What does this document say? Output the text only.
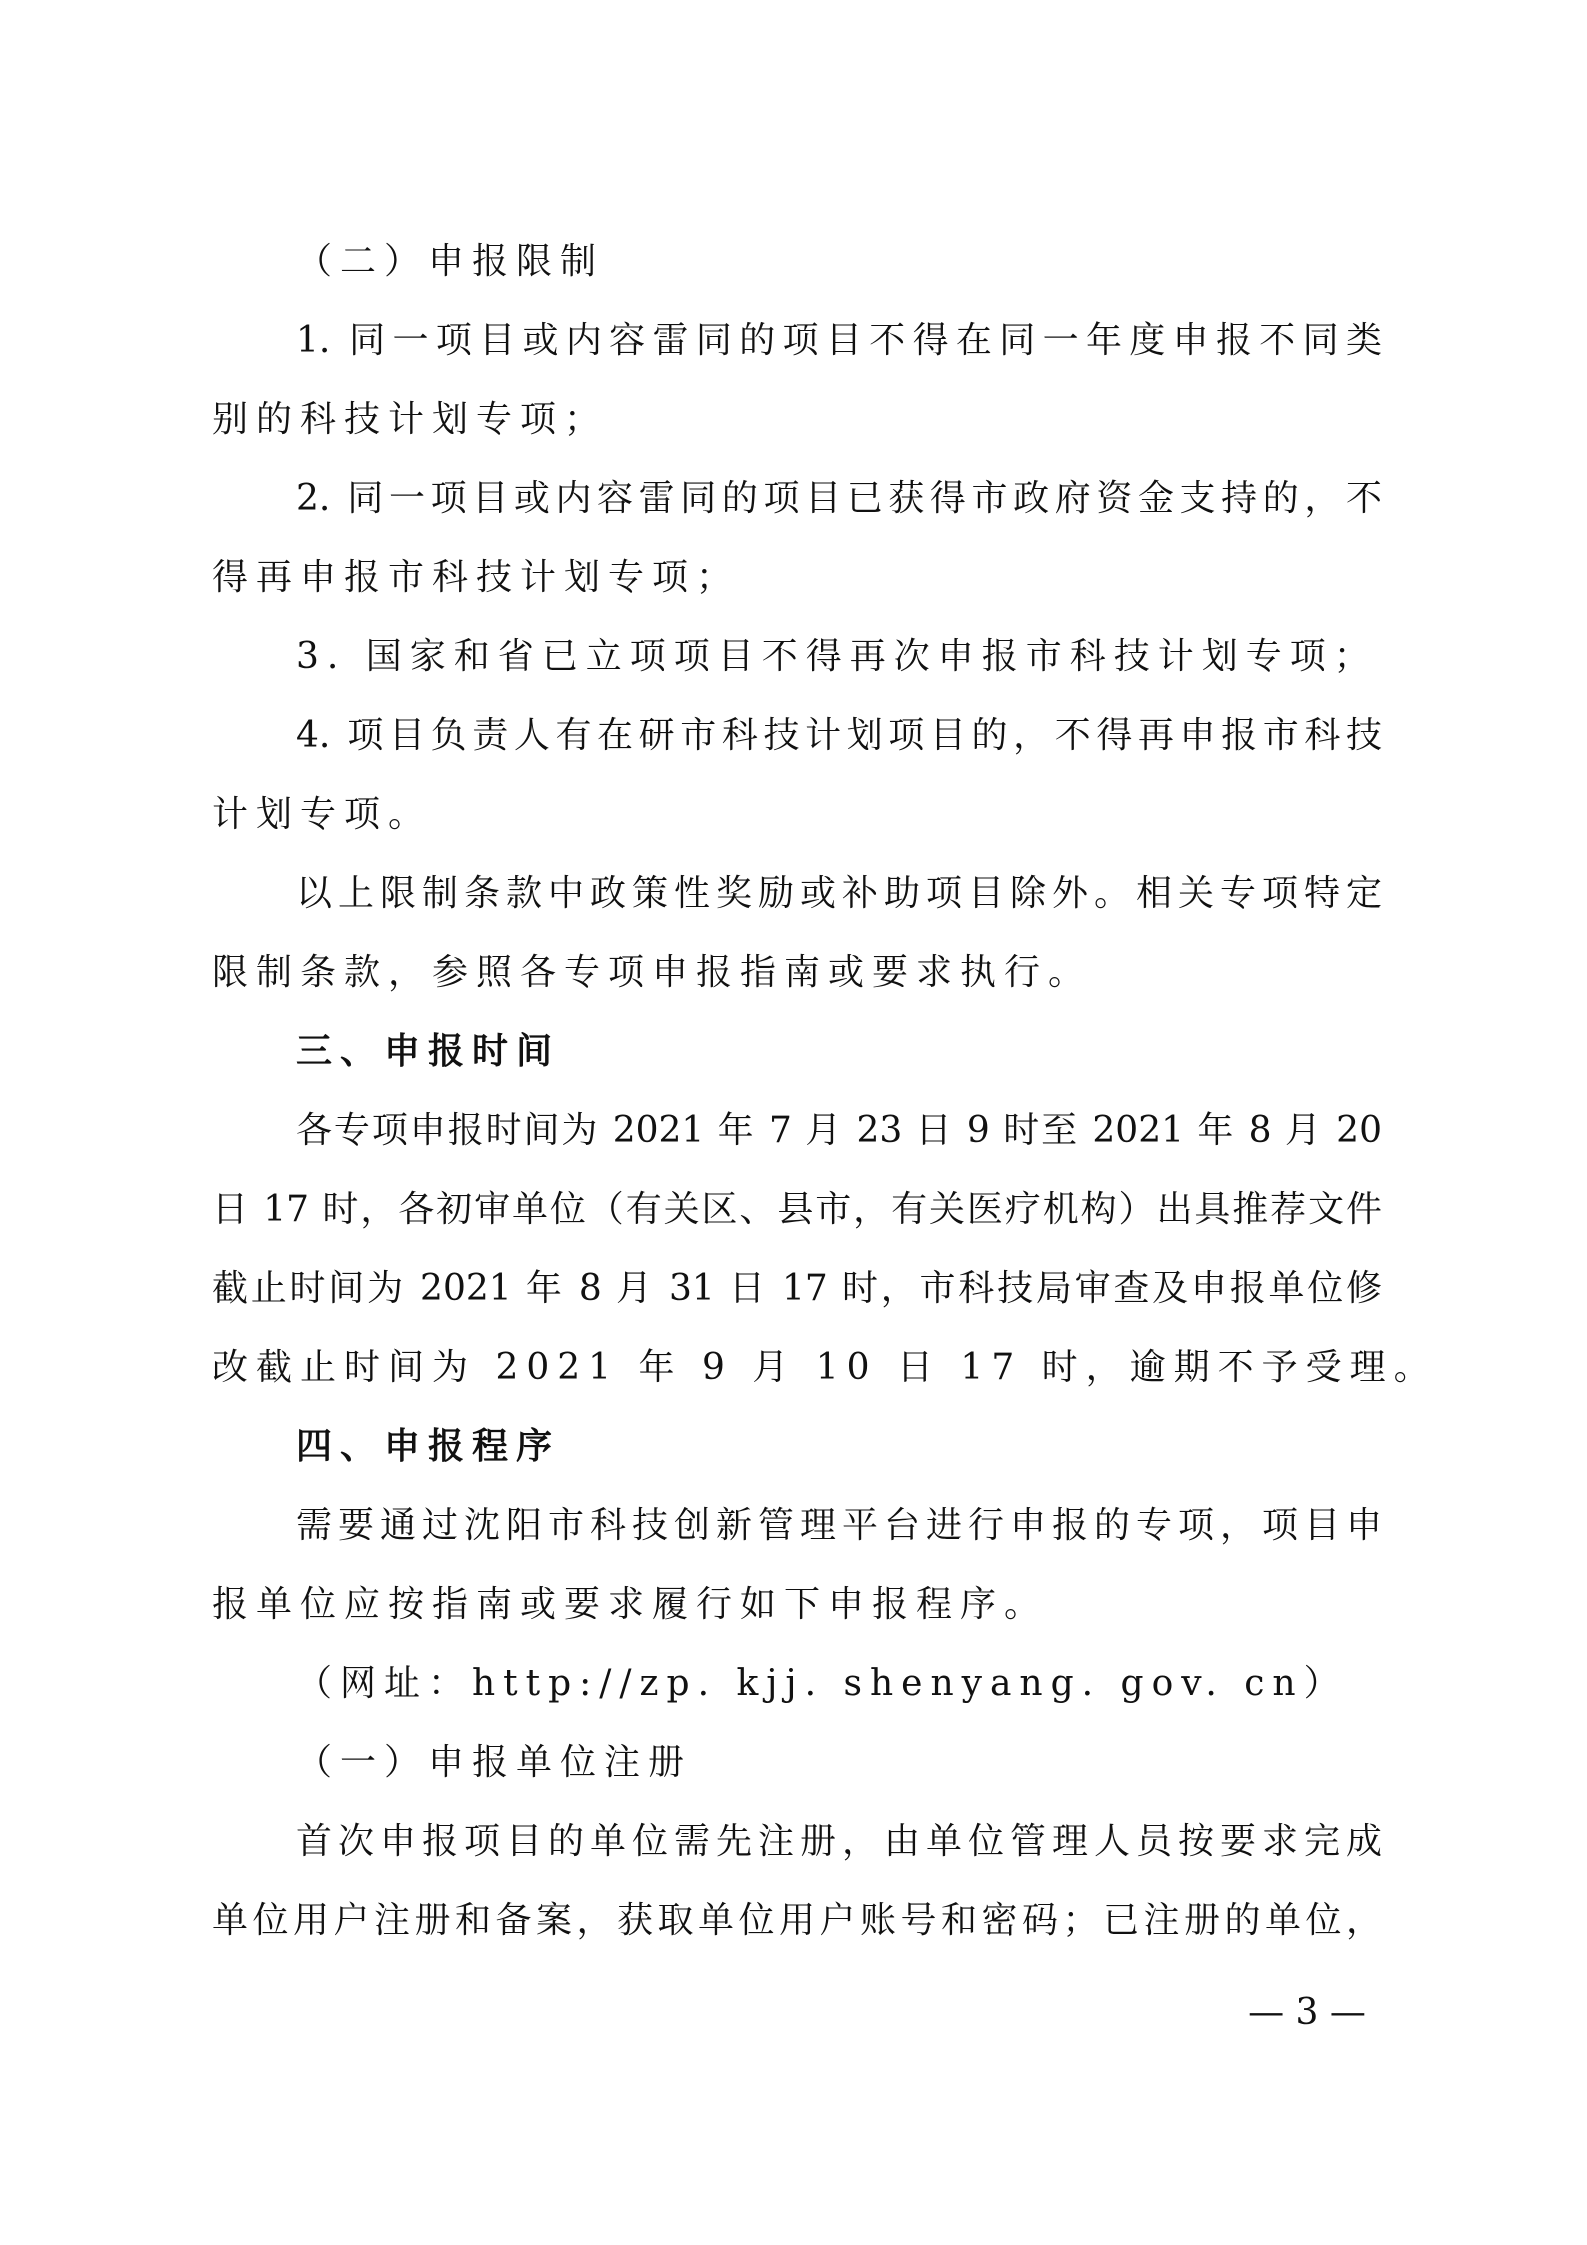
（二）申报限制
1. 同一项目或内容雷同的项目不得在同一年度申报不同类
别的科技计划专项；
2. 同一项目或内容雷同的项目已获得市政府资金支持的，不
得再申报市科技计划专项；
3. 国家和省已立项项目不得再次申报市科技计划专项；
4. 项目负责人有在研市科技计划项目的，不得再申报市科技
计划专项。
以上限制条款中政策性奖励或补助项目除外。相关专项特定
限制条款，参照各专项申报指南或要求执行。
三、申报时间
各专项申报时间为 2021 年 7 月 23 日 9 时至 2021 年 8 月 20
日 17 时，各初审单位（有关区、县市，有关医疗机构）出具推荐文件
截止时间为 2021 年 8 月 31 日 17 时，市科技局审查及申报单位修
改截止时间为 2021 年 9 月 10 日 17 时，逾期不予受理。
四、申报程序
需要通过沈阳市科技创新管理平台进行申报的专项，项目申
报单位应按指南或要求履行如下申报程序。
（网址：http://zp. kjj. shenyang. gov. cn）
（一）申报单位注册
首次申报项目的单位需先注册，由单位管理人员按要求完成
单位用户注册和备案，获取单位用户账号和密码；已注册的单位，
— 3 —
